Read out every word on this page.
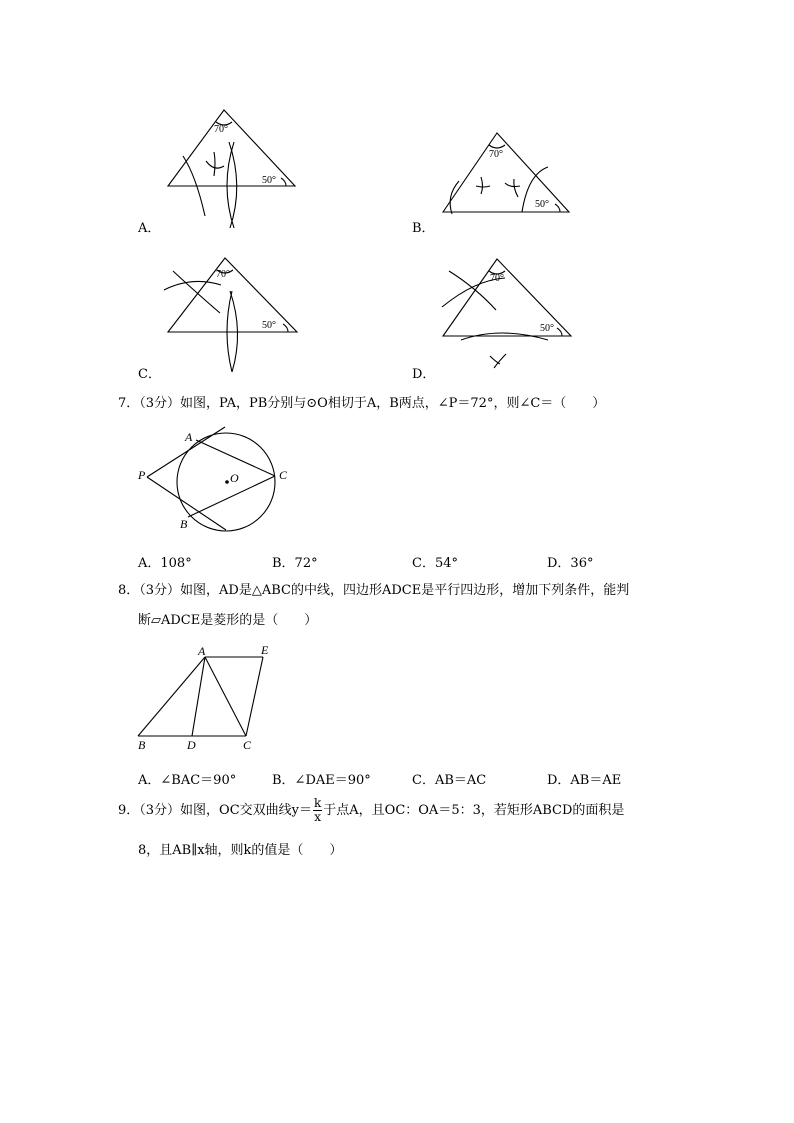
70°
50°
A．
70°
50°
B．
70°
50°
C．
70°
50°
D．
7．（3分）如图，PA，PB分别与⊙O相切于A，B两点，∠P＝72°，则∠C＝（　　）
A
P	O	C
B
A．108°	B．72°	C．54°	D．36°
8．（3分）如图，AD是△ABC的中线，四边形ADCE是平行四边形，增加下列条件，能判
断▱ADCE是菱形的是（　　）
A	E
B	D	C
A．∠BAC＝90°	B．∠DAE＝90°	C．AB＝AC	D．AB＝AE
9．（3分）如图，OC交双曲线$y= \frac{k}{x}$ 于点A，且OC：OA＝5：3，若矩形ABCD的面积是
8，且AB∥x轴，则k的值是（　　）
